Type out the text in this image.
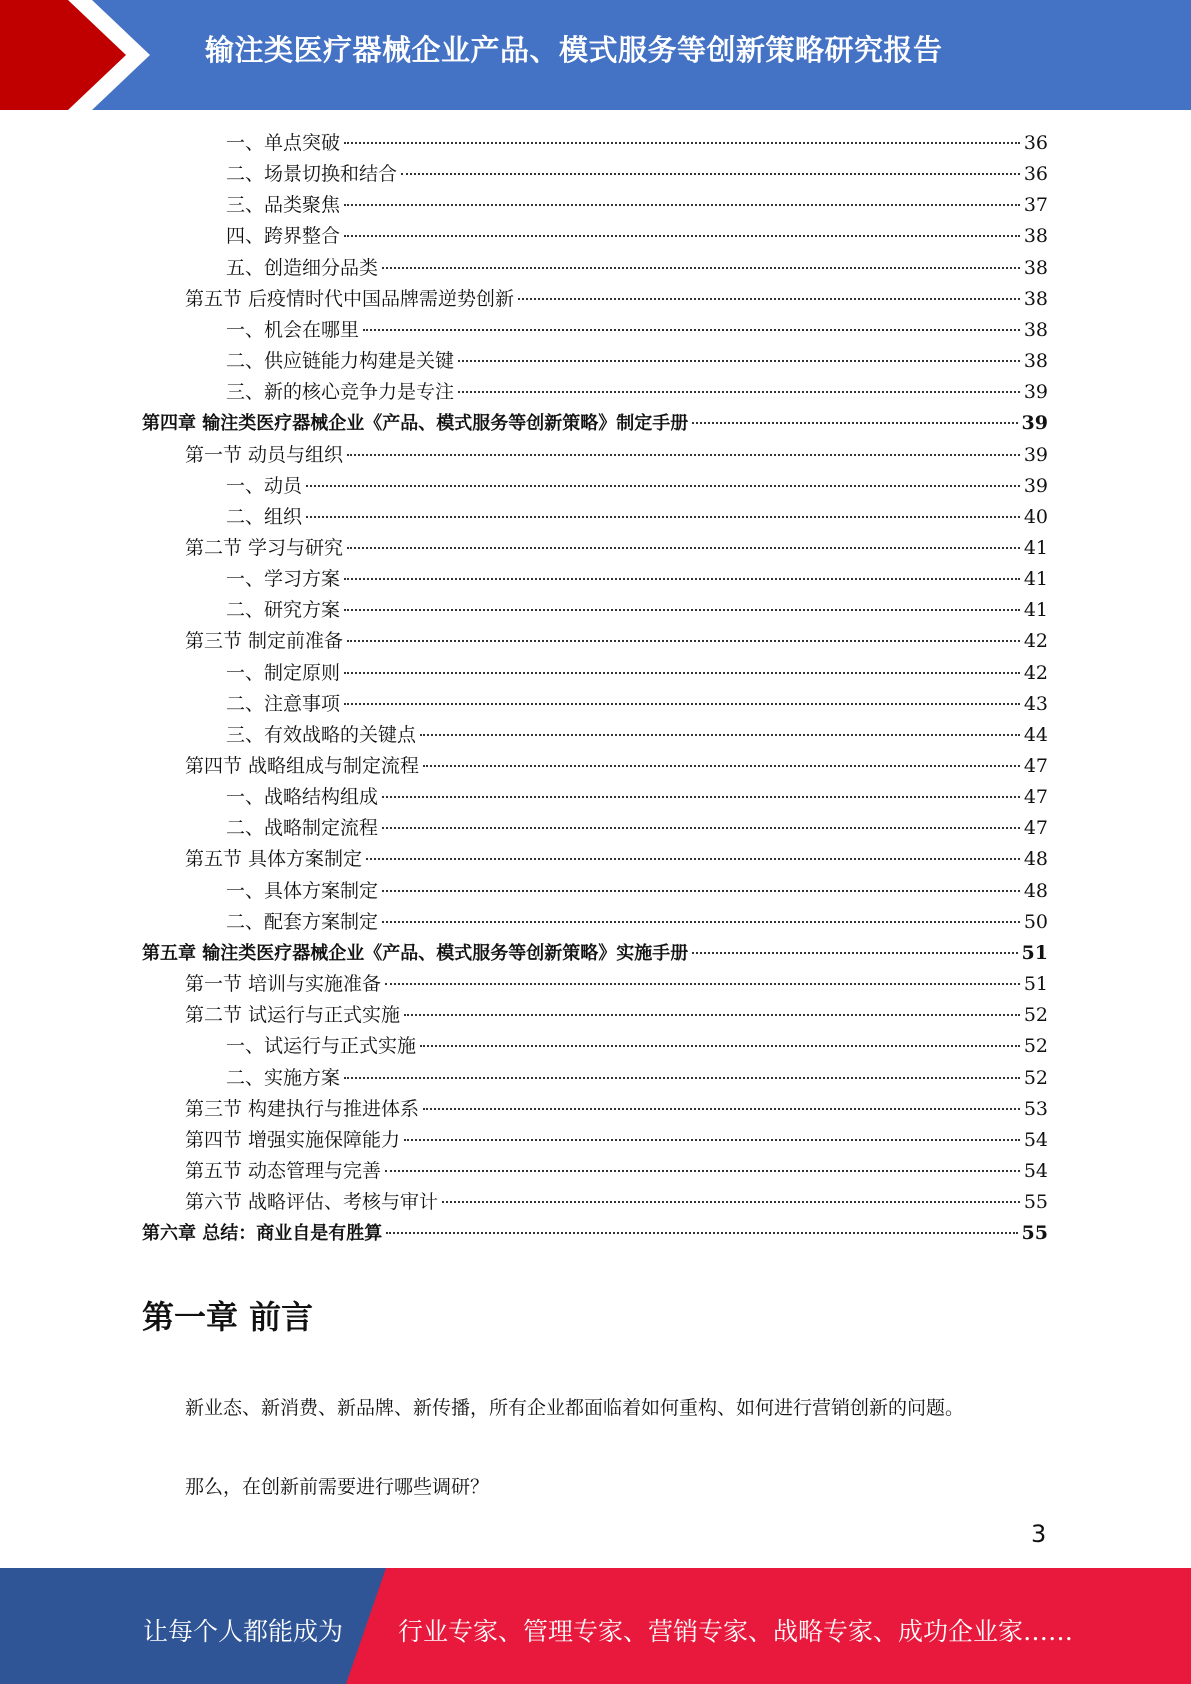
输注类医疗器械企业产品、模式服务等创新策略研究报告
一、单点突破	36
二、场景切换和结合	36
三、品类聚焦	37
四、跨界整合	38
五、创造细分品类	38
第五节 后疫情时代中国品牌需逆势创新	38
一、机会在哪里	38
二、供应链能力构建是关键	38
三、新的核心竞争力是专注	39
第四章 输注类医疗器械企业《产品、模式服务等创新策略》制定手册	39
第一节 动员与组织	39
一、动员	39
二、组织	40
第二节 学习与研究	41
一、学习方案	41
二、研究方案	41
第三节 制定前准备	42
一、制定原则	42
二、注意事项	43
三、有效战略的关键点	44
第四节 战略组成与制定流程	47
一、战略结构组成	47
二、战略制定流程	47
第五节 具体方案制定	48
一、具体方案制定	48
二、配套方案制定	50
第五章 输注类医疗器械企业《产品、模式服务等创新策略》实施手册	51
第一节 培训与实施准备	51
第二节 试运行与正式实施	52
一、试运行与正式实施	52
二、实施方案	52
第三节 构建执行与推进体系	53
第四节 增强实施保障能力	54
第五节 动态管理与完善	54
第六节 战略评估、考核与审计	55
第六章 总结：商业自是有胜算	55
第一章 前言
新业态、新消费、新品牌、新传播，所有企业都面临着如何重构、如何进行营销创新的问题。
那么，在创新前需要进行哪些调研？
3
让每个人都能成为 行业专家、管理专家、营销专家、战略专家、成功企业家……
